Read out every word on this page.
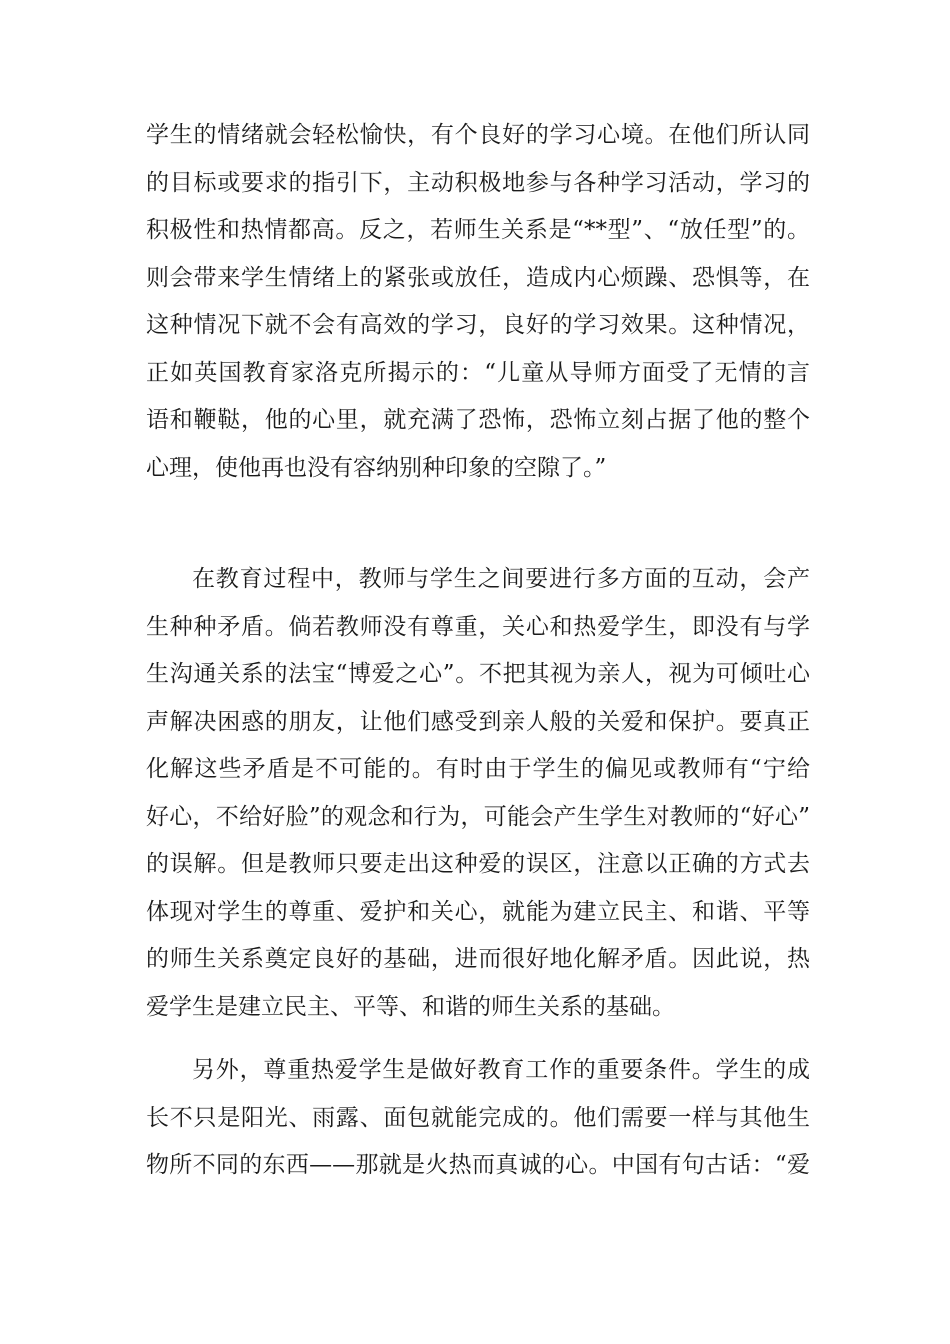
学生的情绪就会轻松愉快，有个良好的学习心境。在他们所认同
的目标或要求的指引下，主动积极地参与各种学习活动，学习的
积极性和热情都高。反之，若师生关系是“**型”、“放任型”的。
则会带来学生情绪上的紧张或放任，造成内心烦躁、恐惧等，在
这种情况下就不会有高效的学习，良好的学习效果。这种情况，
正如英国教育家洛克所揭示的：“儿童从导师方面受了无情的言
语和鞭鞑，他的心里，就充满了恐怖，恐怖立刻占据了他的整个
心理，使他再也没有容纳别种印象的空隙了。”
在教育过程中，教师与学生之间要进行多方面的互动，会产
生种种矛盾。倘若教师没有尊重，关心和热爱学生，即没有与学
生沟通关系的法宝“博爱之心”。不把其视为亲人，视为可倾吐心
声解决困惑的朋友，让他们感受到亲人般的关爱和保护。要真正
化解这些矛盾是不可能的。有时由于学生的偏见或教师有“宁给
好心，不给好脸”的观念和行为，可能会产生学生对教师的“好心”
的误解。但是教师只要走出这种爱的误区，注意以正确的方式去
体现对学生的尊重、爱护和关心，就能为建立民主、和谐、平等
的师生关系奠定良好的基础，进而很好地化解矛盾。因此说，热
爱学生是建立民主、平等、和谐的师生关系的基础。
另外，尊重热爱学生是做好教育工作的重要条件。学生的成
长不只是阳光、雨露、面包就能完成的。他们需要一样与其他生
物所不同的东西——那就是火热而真诚的心。中国有句古话：“爱
